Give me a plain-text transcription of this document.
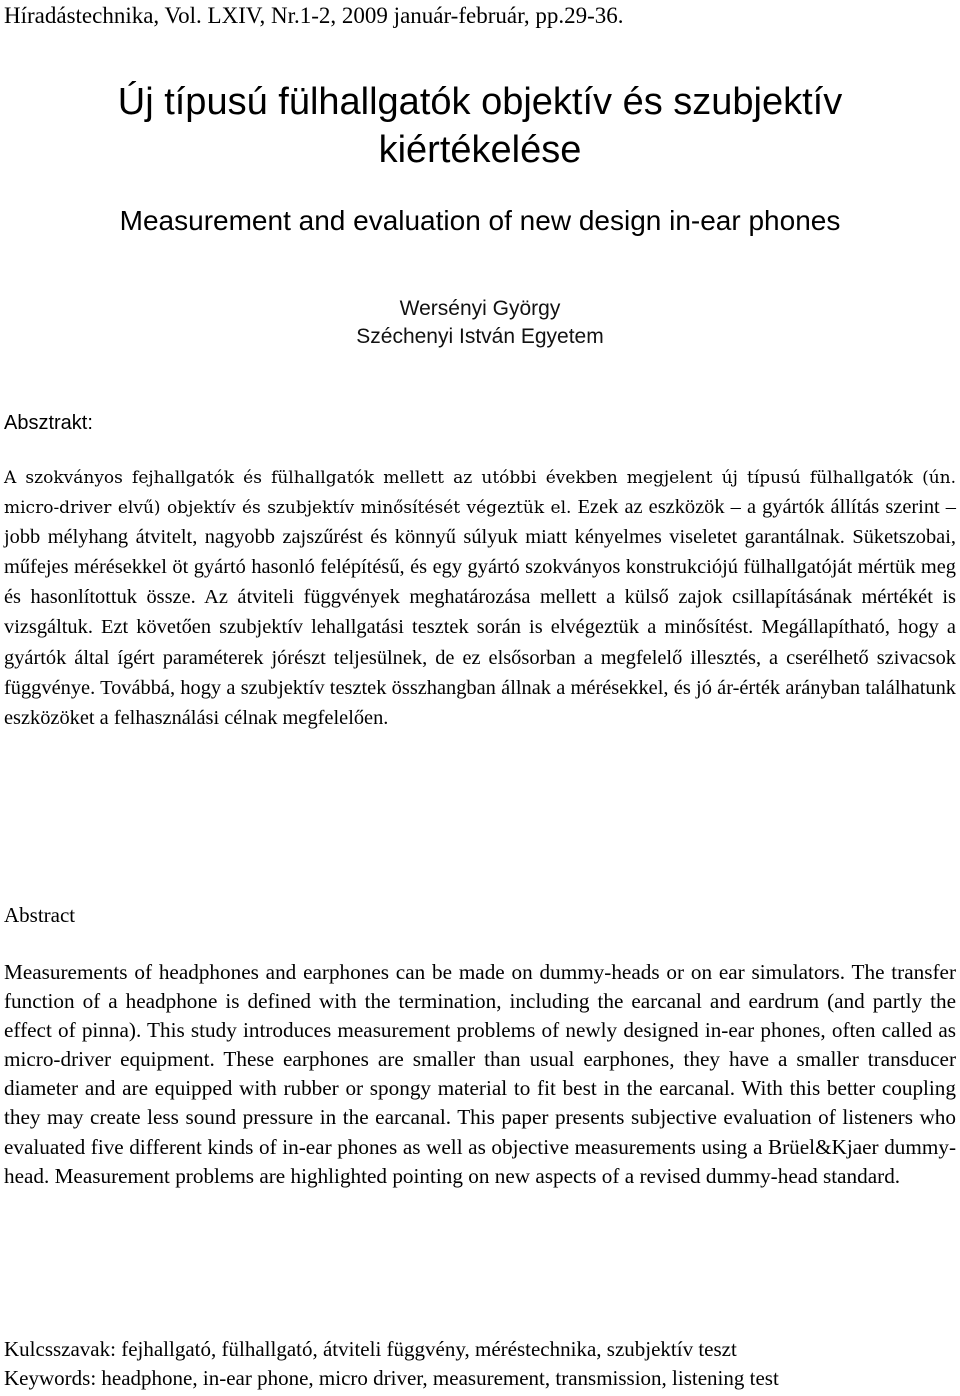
Híradástechnika, Vol. LXIV, Nr.1-2, 2009 január-február, pp.29-36.
Új típusú fülhallgatók objektív és szubjektív
kiértékelése
Measurement and evaluation of new design in-ear phones
Wersényi György
Széchenyi István Egyetem
Absztrakt:
A szokványos fejhallgatók és fülhallgatók mellett az utóbbi években megjelent új típusú fülhallgatók (ún. micro-driver elvű) objektív és szubjektív minősítését végeztük el. Ezek az eszközök – a gyártók állítás szerint – jobb mélyhang átvitelt, nagyobb zajszűrést és könnyű súlyuk miatt kényelmes viseletet garantálnak. Süketszobai, műfejes mérésekkel öt gyártó hasonló felépítésű, és egy gyártó szokványos konstrukciójú fülhallgatóját mértük meg és hasonlítottuk össze. Az átviteli függvények meghatározása mellett a külső zajok csillapításának mértékét is vizsgáltuk. Ezt követően szubjektív lehallgatási tesztek során is elvégeztük a minősítést. Megállapítható, hogy a gyártók által ígért paraméterek jórészt teljesülnek, de ez elsősorban a megfelelő illesztés, a cserélhető szivacsok függvénye. Továbbá, hogy a szubjektív tesztek összhangban állnak a mérésekkel, és jó ár-érték arányban találhatunk eszközöket a felhasználási célnak megfelelően.
Abstract
Measurements of headphones and earphones can be made on dummy-heads or on ear simulators. The transfer function of a headphone is defined with the termination, including the earcanal and eardrum (and partly the effect of pinna). This study introduces measurement problems of newly designed in-ear phones, often called as micro-driver equipment. These earphones are smaller than usual earphones, they have a smaller transducer diameter and are equipped with rubber or spongy material to fit best in the earcanal. With this better coupling they may create less sound pressure in the earcanal. This paper presents subjective evaluation of listeners who evaluated five different kinds of in-ear phones as well as objective measurements using a Brüel&Kjaer dummy-head. Measurement problems are highlighted pointing on new aspects of a revised dummy-head standard.
Kulcsszavak: fejhallgató, fülhallgató, átviteli függvény, méréstechnika, szubjektív teszt
Keywords: headphone, in-ear phone, micro driver, measurement, transmission, listening test
